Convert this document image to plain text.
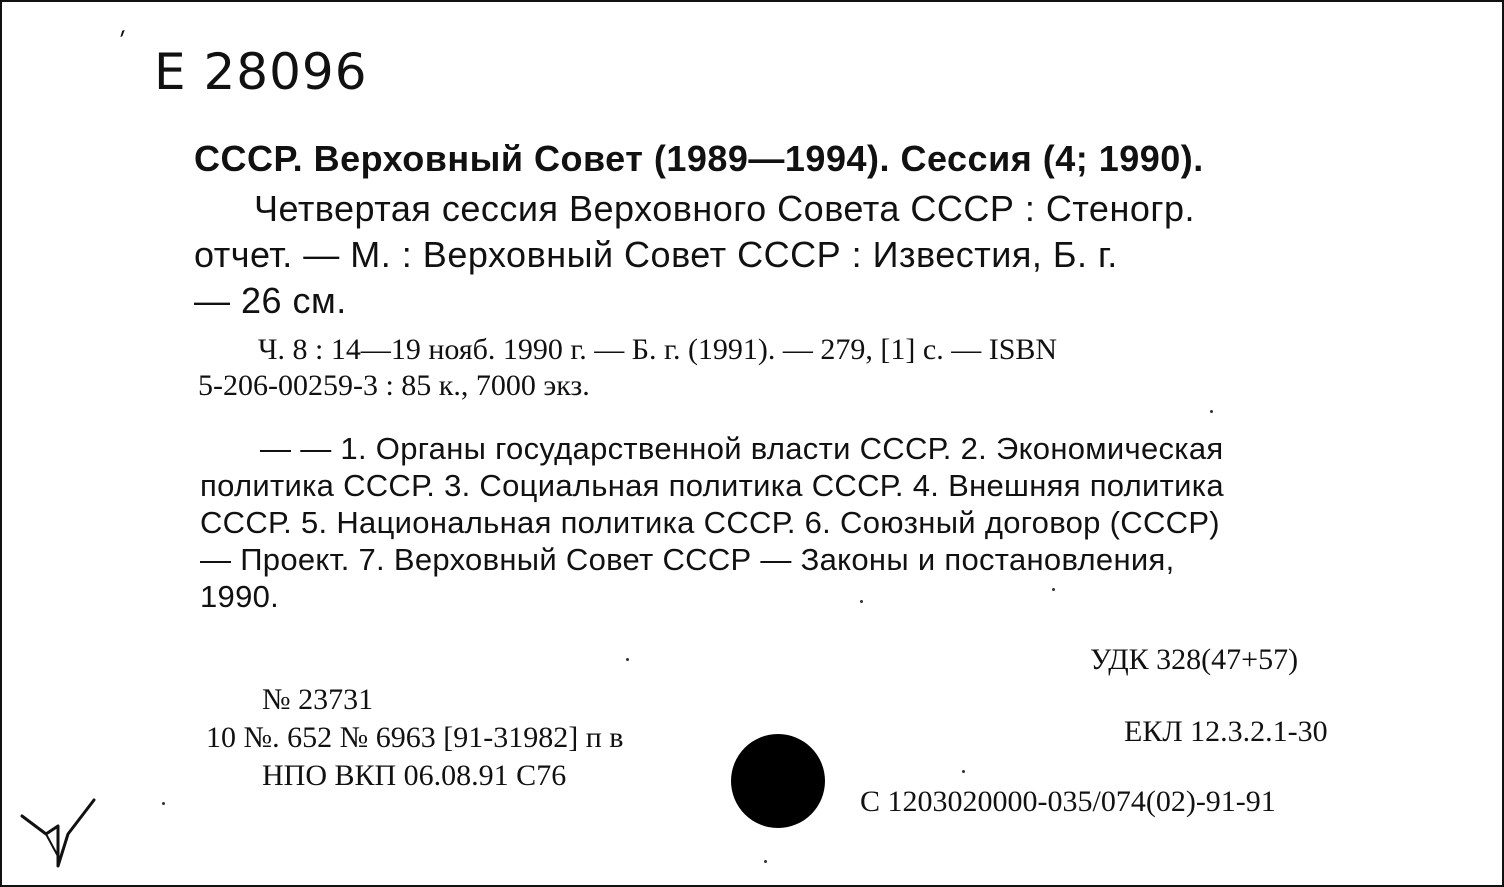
´ Е 28096
СССР. Верховный Совет (1989—1994). Сессия (4; 1990).
Четвертая сессия Верховного Совета СССР : Стеногр.
отчет. — М. : Верховный Совет СССР : Известия, Б. г.
— 26 см.
Ч. 8 : 14—19 нояб. 1990 г. — Б. г. (1991). — 279, [1] с. — ISBN
5-206-00259-3 : 85 к., 7000 экз.
— — 1. Органы государственной власти СССР. 2. Экономическая
политика СССР. 3. Социальная политика СССР. 4. Внешняя политика
СССР. 5. Национальная политика СССР. 6. Союзный договор (СССР)
— Проект. 7. Верховный Совет СССР — Законы и постановления,
1990.
УДК 328(47+57)
ЕКЛ 12.3.2.1-30
С 1203020000-035/074(02)-91-91
№ 23731
10 №. 652 № 6963 [91-31982] п в
НПО ВКП 06.08.91 С76
